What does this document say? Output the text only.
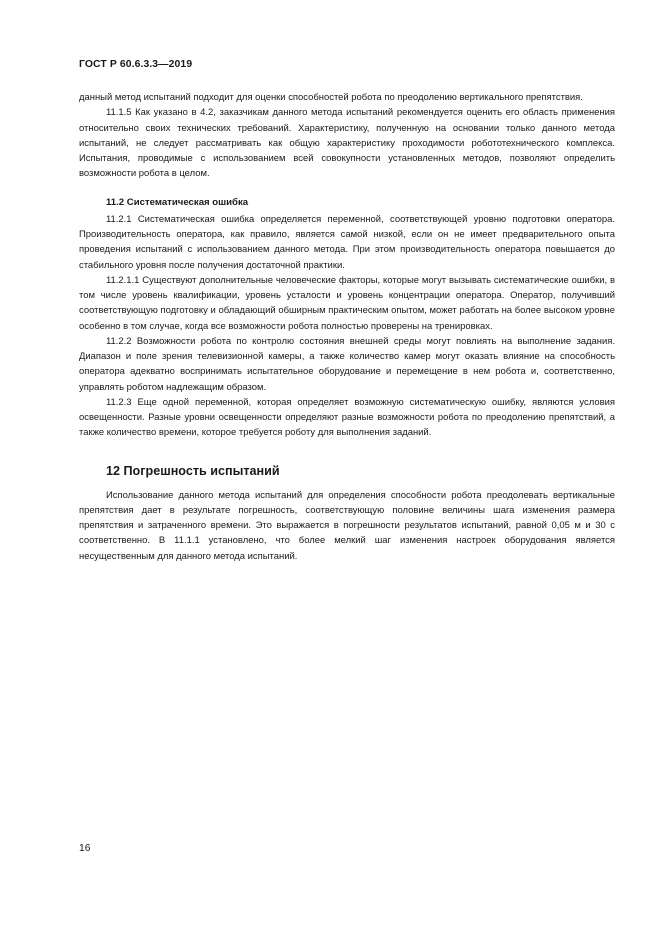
ГОСТ Р 60.6.3.3—2019

данный метод испытаний подходит для оценки способностей робота по преодолению вертикального препятствия.

11.1.5 Как указано в 4.2, заказчикам данного метода испытаний рекомендуется оценить его область применения относительно своих технических требований. Характеристику, полученную на основании только данного метода испытаний, не следует рассматривать как общую характеристику проходимости робототехнического комплекса. Испытания, проводимые с использованием всей совокупности установленных методов, позволяют определить возможности робота в целом.

11.2 Систематическая ошибка

11.2.1 Систематическая ошибка определяется переменной, соответствующей уровню подготовки оператора. Производительность оператора, как правило, является самой низкой, если он не имеет предварительного опыта проведения испытаний с использованием данного метода. При этом производительность оператора повышается до стабильного уровня после получения достаточной практики.

11.2.1.1 Существуют дополнительные человеческие факторы, которые могут вызывать систематические ошибки, в том числе уровень квалификации, уровень усталости и уровень концентрации оператора. Оператор, получивший соответствующую подготовку и обладающий обширным практическим опытом, может работать на более высоком уровне особенно в том случае, когда все возможности робота полностью проверены на тренировках.

11.2.2 Возможности робота по контролю состояния внешней среды могут повлиять на выполнение задания. Диапазон и поле зрения телевизионной камеры, а также количество камер могут оказать влияние на способность оператора адекватно воспринимать испытательное оборудование и перемещение в нем робота и, соответственно, управлять роботом надлежащим образом.

11.2.3 Еще одной переменной, которая определяет возможную систематическую ошибку, являются условия освещенности. Разные уровни освещенности определяют разные возможности робота по преодолению препятствий, а также количество времени, которое требуется роботу для выполнения заданий.

12 Погрешность испытаний

Использование данного метода испытаний для определения способности робота преодолевать вертикальные препятствия дает в результате погрешность, соответствующую половине величины шага изменения размера препятствия и затраченного времени. Это выражается в погрешности результатов испытаний, равной 0,05 м и 30 с соответственно. В 11.1.1 установлено, что более мелкий шаг изменения настроек оборудования является несущественным для данного метода испытаний.

16
